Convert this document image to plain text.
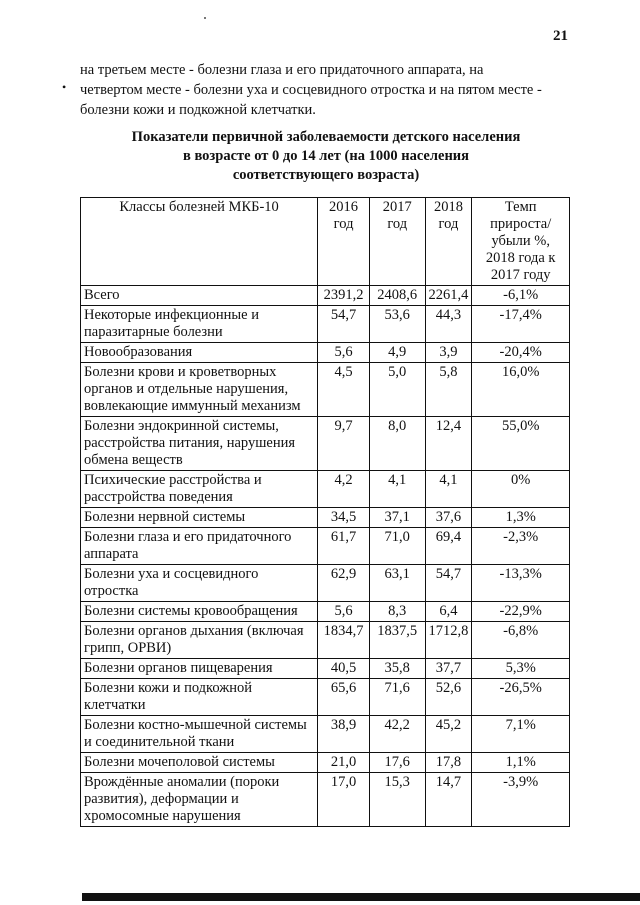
21
•
на третьем месте - болезни глаза и его придаточного аппарата, на
четвертом месте - болезни уха и сосцевидного отростка и на пятом месте -
болезни кожи и подкожной клетчатки.
Показатели первичной заболеваемости детского населения
в возрасте от 0 до 14 лет (на 1000 населения
соответствующего возраста)
Классы болезней МКБ-10	2016 год	2017 год	2018 год	Темп прироста/ убыли %, 2018 года к 2017 году
Всего	2391,2	2408,6	2261,4	-6,1%
Некоторые инфекционные и паразитарные болезни	54,7	53,6	44,3	-17,4%
Новообразования	5,6	4,9	3,9	-20,4%
Болезни крови и кроветворных органов и отдельные нарушения, вовлекающие иммунный механизм	4,5	5,0	5,8	16,0%
Болезни эндокринной системы, расстройства питания, нарушения обмена веществ	9,7	8,0	12,4	55,0%
Психические расстройства и расстройства поведения	4,2	4,1	4,1	0%
Болезни нервной системы	34,5	37,1	37,6	1,3%
Болезни глаза и его придаточного аппарата	61,7	71,0	69,4	-2,3%
Болезни уха и сосцевидного отростка	62,9	63,1	54,7	-13,3%
Болезни системы кровообращения	5,6	8,3	6,4	-22,9%
Болезни органов дыхания (включая грипп, ОРВИ)	1834,7	1837,5	1712,8	-6,8%
Болезни органов пищеварения	40,5	35,8	37,7	5,3%
Болезни кожи и подкожной клетчатки	65,6	71,6	52,6	-26,5%
Болезни костно-мышечной системы и соединительной ткани	38,9	42,2	45,2	7,1%
Болезни мочеполовой системы	21,0	17,6	17,8	1,1%
Врождённые аномалии (пороки развития), деформации и хромосомные нарушения	17,0	15,3	14,7	-3,9%
